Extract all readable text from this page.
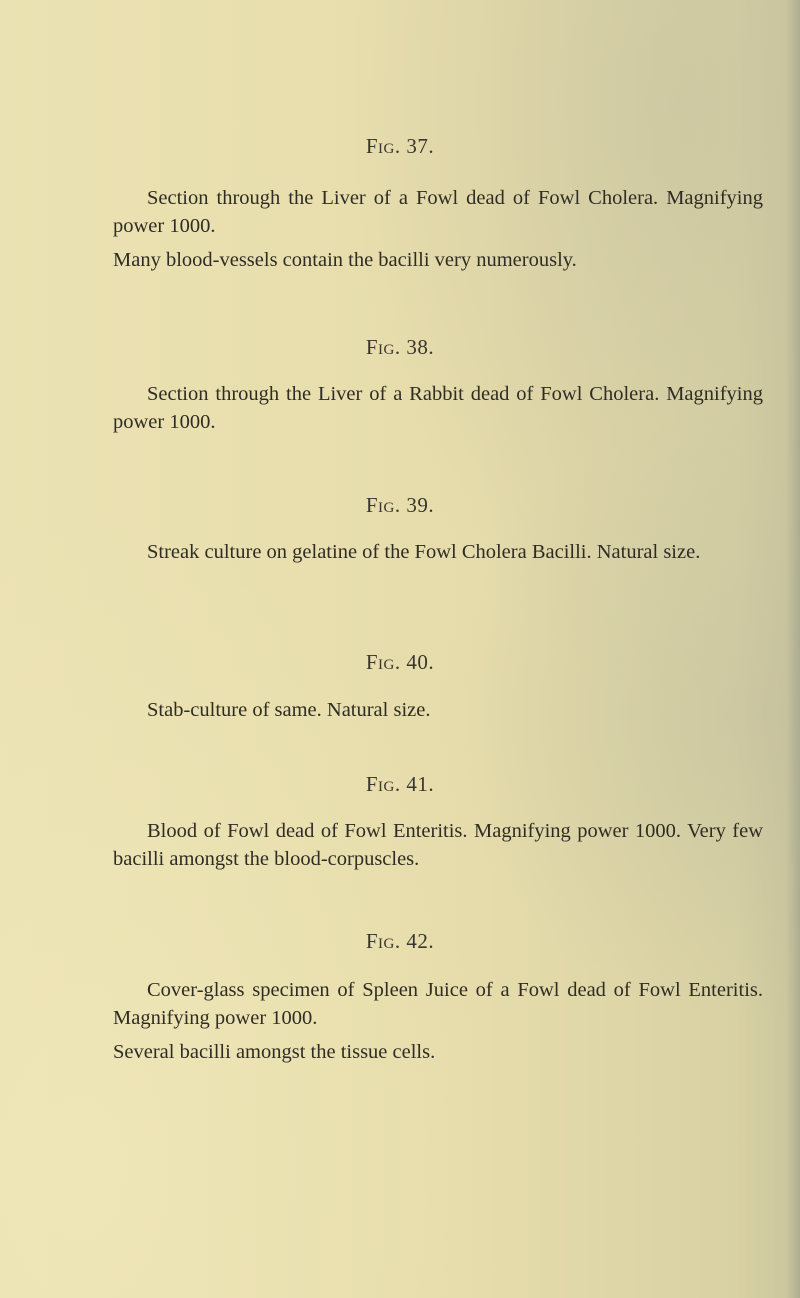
Fig. 37.

Section through the Liver of a Fowl dead of Fowl Cholera. Magnifying power 1000.

Many blood-vessels contain the bacilli very numerously.

Fig. 38.

Section through the Liver of a Rabbit dead of Fowl Cholera. Magnifying power 1000.

Fig. 39.

Streak culture on gelatine of the Fowl Cholera Bacilli. Natural size.

Fig. 40.

Stab-culture of same. Natural size.

Fig. 41.

Blood of Fowl dead of Fowl Enteritis. Magnifying power 1000. Very few bacilli amongst the blood-corpuscles.

Fig. 42.

Cover-glass specimen of Spleen Juice of a Fowl dead of Fowl Enteritis. Magnifying power 1000.

Several bacilli amongst the tissue cells.
